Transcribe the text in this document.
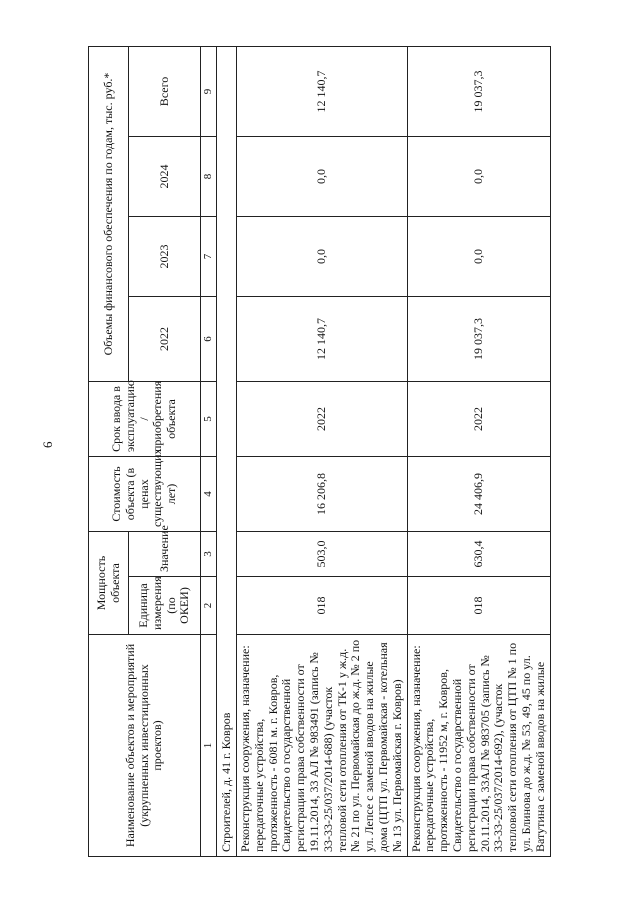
6
Наименование объектов и мероприятий (укрупненных инвестиционных проектов)	Мощность объекта		Стоимость объекта (в ценах существующих лет)	Срок ввода в эксплуатацию / приобретения объекта	Объемы финансового обеспечения по годам, тыс. руб.*			
	Единица измерения (по ОКЕИ)	Значение			2022	2023	2024	Всего
1	2	3	4	5	6	7	8	9
Строителей, д. 41 г. Ковров								
Реконструкция сооружения, назначение: передаточные устройства, протяженность - 6081 м. г. Ковров, Свидетельство о государственной регистрации права собственности от 19.11.2014, 33 АЛ № 983491 (запись № 33-33-25/037/2014-688) (участок тепловой сети отопления от ТК-1 у ж.д. № 21 по ул. Первомайская до ж.д. № 2 по ул. Лепсе с заменой вводов на жилые дома (ЦТП ул. Первомайская - котельная № 13 ул. Первомайская г. Ковров)	018	503,0	16 206,8	2022	12 140,7	0,0	0,0	12 140,7
Реконструкция сооружения, назначение: передаточные устройства, протяженность - 11952 м, г. Ковров, Свидетельство о государственной регистрации права собственности от 20.11.2014, 33АЛ № 983705 (запись № 33-33-25/037/2014-692), (участок тепловой сети отопления от ЦТП № 1 по ул. Блинова до ж.д. № 53, 49, 45 по ул. Ватутина с заменой вводов на жилые	018	630,4	24 406,9	2022	19 037,3	0,0	0,0	19 037,3
